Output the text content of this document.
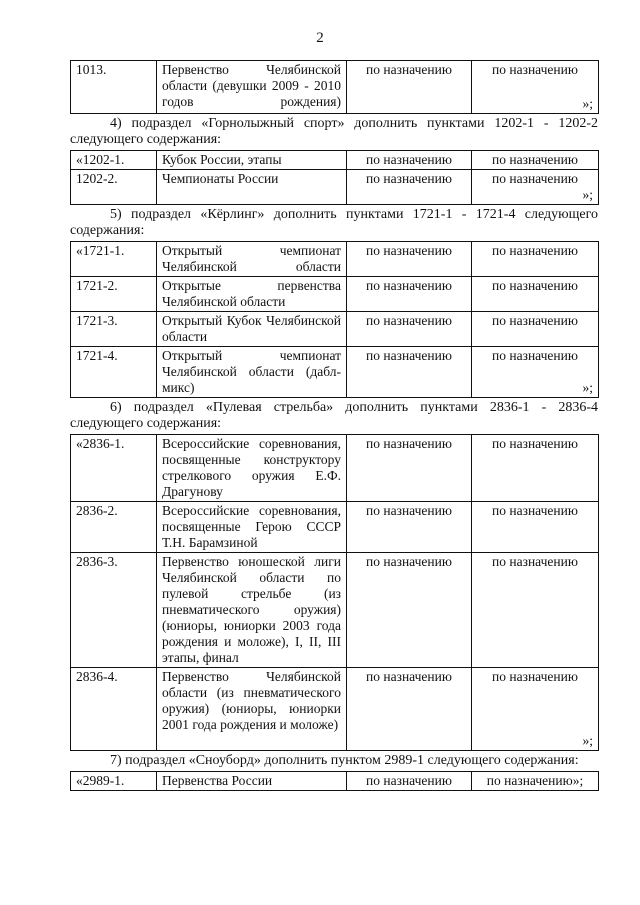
2
1013.	Первенство Челябинской области (девушки 2009 - 2010 годов рождения)	по назначению	по назначению
»;

4) подраздел «Горнолыжный спорт» дополнить пунктами 1202-1 - 1202-2 следующего содержания:

«1202-1.	Кубок России, этапы	по назначению	по назначению
1202-2.	Чемпионаты России	по назначению	по назначению
»;

5) подраздел «Кёрлинг» дополнить пунктами 1721-1 - 1721-4 следующего содержания:

«1721-1.	Открытый чемпионат Челябинской области	по назначению	по назначению
1721-2.	Открытые первенства Челябинской области	по назначению	по назначению
1721-3.	Открытый Кубок Челябинской области	по назначению	по назначению
1721-4.	Открытый чемпионат Челябинской области (дабл-микс)	по назначению	по назначению
»;

6) подраздел «Пулевая стрельба» дополнить пунктами 2836-1 - 2836-4 следующего содержания:

«2836-1.	Всероссийские соревнования, посвященные конструктору стрелкового оружия Е.Ф. Драгунову	по назначению	по назначению
2836-2.	Всероссийские соревнования, посвященные Герою СССР Т.Н. Барамзиной	по назначению	по назначению
2836-3.	Первенство юношеской лиги Челябинской области по пулевой стрельбе (из пневматического оружия) (юниоры, юниорки 2003 года рождения и моложе), I, II, III этапы, финал	по назначению	по назначению
2836-4.	Первенство Челябинской области (из пневматического оружия) (юниоры, юниорки 2001 года рождения и моложе)	по назначению	по назначению
»;

7) подраздел «Сноуборд» дополнить пунктом 2989-1 следующего содержания:

«2989-1.	Первенства России	по назначению	по назначению»;
